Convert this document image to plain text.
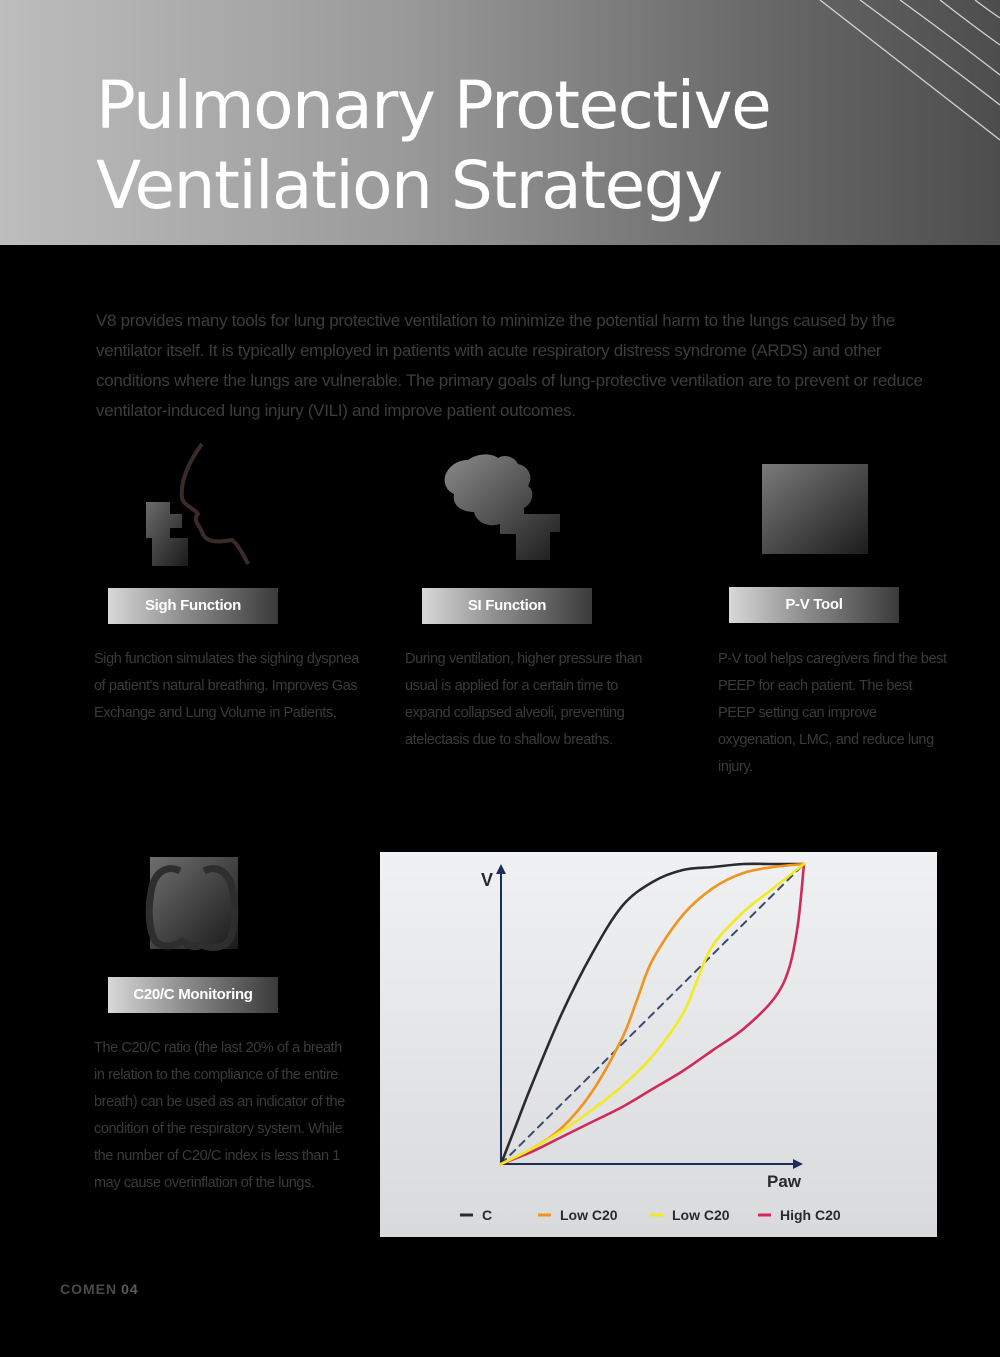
Pulmonary Protective
Ventilation Strategy

V8 provides many tools for lung protective ventilation to minimize the potential harm to the lungs caused by the ventilator itself. It is typically employed in patients with acute respiratory distress syndrome (ARDS) and other conditions where the lungs are vulnerable. The primary goals of lung-protective ventilation are to prevent or reduce ventilator-induced lung injury (VILI) and improve patient outcomes.

Sigh Function

Sigh function simulates the sighing dyspnea of patient's natural breathing. Improves Gas Exchange and Lung Volume in Patients.

SI Function

During ventilation, higher pressure than usual is applied for a certain time to expand collapsed alveoli, preventing atelectasis due to shallow breaths.

P-V Tool

P-V tool helps caregivers find the best PEEP for each patient. The best PEEP setting can improve oxygenation, LMC, and reduce lung injury.

C20/C Monitoring

The C20/C ratio (the last 20% of a breath in relation to the compliance of the entire breath) can be used as an indicator of the condition of the respiratory system. While the number of C20/C index is less than 1 may cause overinflation of the lungs.

V
Paw
C	Low C20	Low C20	High C20
COMEN 04
